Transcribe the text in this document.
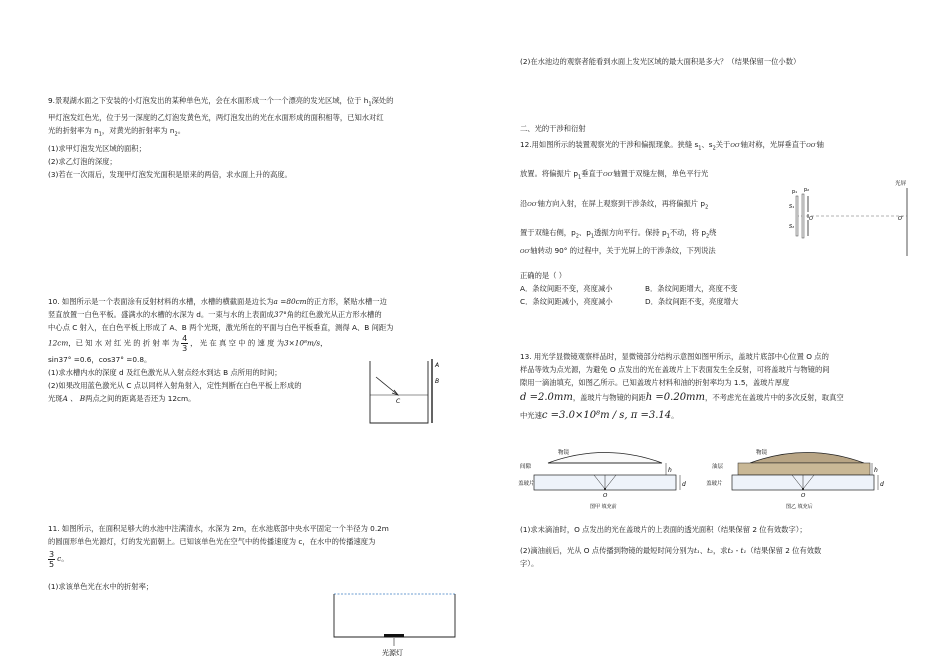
9.景观湖水面之下安装的小灯泡发出的某种单色光，会在水面形成一个一个漂亮的发光区域，位于 $h_1$深处的

甲灯泡发红色光，位于另一深度的乙灯泡发黄色光，两灯泡发出的光在水面形成的面积相等，已知水对红

光的折射率为 $n_1$，对黄光的折射率为 $n_2$。

(1)求甲灯泡发光区域的面积；

(2)求乙灯泡的深度；

(3)若在一次雨后，发现甲灯泡发光面积是原来的两倍，求水面上升的高度。

10. 如图所示是一个表面涂有反射材料的水槽，水槽的横截面是边长为a =80cm的正方形，紧贴水槽一边

竖直放置一白色平板。盛满水的水槽的水深为 d。一束与水的上表面成37°角的红色激光从正方形水槽的

中心点 C 射入，在白色平板上形成了 A、B 两个光斑，激光所在的平面与白色平板垂直，测得 A、B 间距为

12cm，已 知 水 对 红 光 的 折 射 率 为 $\frac{4}{3}$ ， 光 在 真 空 中 的 速 度 为3×10⁸m/s，

sin37° =0.6，cos37° =0.8。

(1)求水槽内水的深度 d 及红色激光从入射点经水到达 B 点所用的时间；

(2)如果改用蓝色激光从 C 点以同样入射角射入，定性判断在白色平板上形成的

光斑A 、 B两点之间的距离是否还为 12cm。	C
A
B

11. 如图所示，在面积足够大的水池中注满清水，水深为 2m，在水池底部中央水平固定一个半径为 0.2m

的圆面形单色光源灯，灯的发光面朝上。已知该单色光在空气中的传播速度为 c，在水中的传播速度为

$\frac{3}{5}$ c。

(1)求该单色光在水中的折射率；

光源灯

(2)在水池边的观察者能看到水面上发光区域的最大面积是多大？（结果保留一位小数）

二、光的干涉和衍射

12.用如图所示的装置观察光的干涉和偏振现象。狭缝 $s_1$、$s_2$关于OO′轴对称，光屏垂直于OO′轴

放置。将偏振片 $p_1$垂直于OO′轴置于双缝左侧，单色平行光

沿OO′轴方向入射，在屏上观察到干涉条纹，再将偏振片 $p_2$

置于双缝右侧，$p_2$、$p_1$透振方向平行。保持 $p_1$不动，将 $p_2$绕

OO′轴转动 90° 的过程中，关于光屏上的干涉条纹，下列说法

正确的是（ ）

A．条纹间距不变，亮度减小	B．条纹间距增大，亮度不变
C．条纹间距减小，亮度减小	D．条纹间距不变，亮度增大
光屏
p₁ p₂
S₁
S₂
O	O′

13. 用光学显微镜观察样品时，显微镜部分结构示意图如图甲所示，盖玻片底部中心位置 O 点的

样品等效为点光源，为避免 O 点发出的光在盖玻片上下表面发生全反射，可将盖玻片与物镜的间

隙用一滴油填充，如图乙所示。已知盖玻片材料和油的折射率均为 1.5，盖玻片厚度

d =2.0mm，盖玻片与物镜的间距h =0.20mm，不考虑光在盖玻片中的多次反射，取真空

中光速c =3.0×10⁸m / s, π =3.14。

物镜
间隙
盖玻片
h
d
O
图甲 填充前
物镜
油层
盖玻片
h
d
O
图乙 填充后

(1)求未滴油时，O 点发出的光在盖玻片的上表面的透光面积（结果保留 2 位有效数字）；

(2)滴油前后，光从 O 点传播到物镜的最短时间分别为t₁、t₂，求t₂ - t₁（结果保留 2 位有效数

字）。
